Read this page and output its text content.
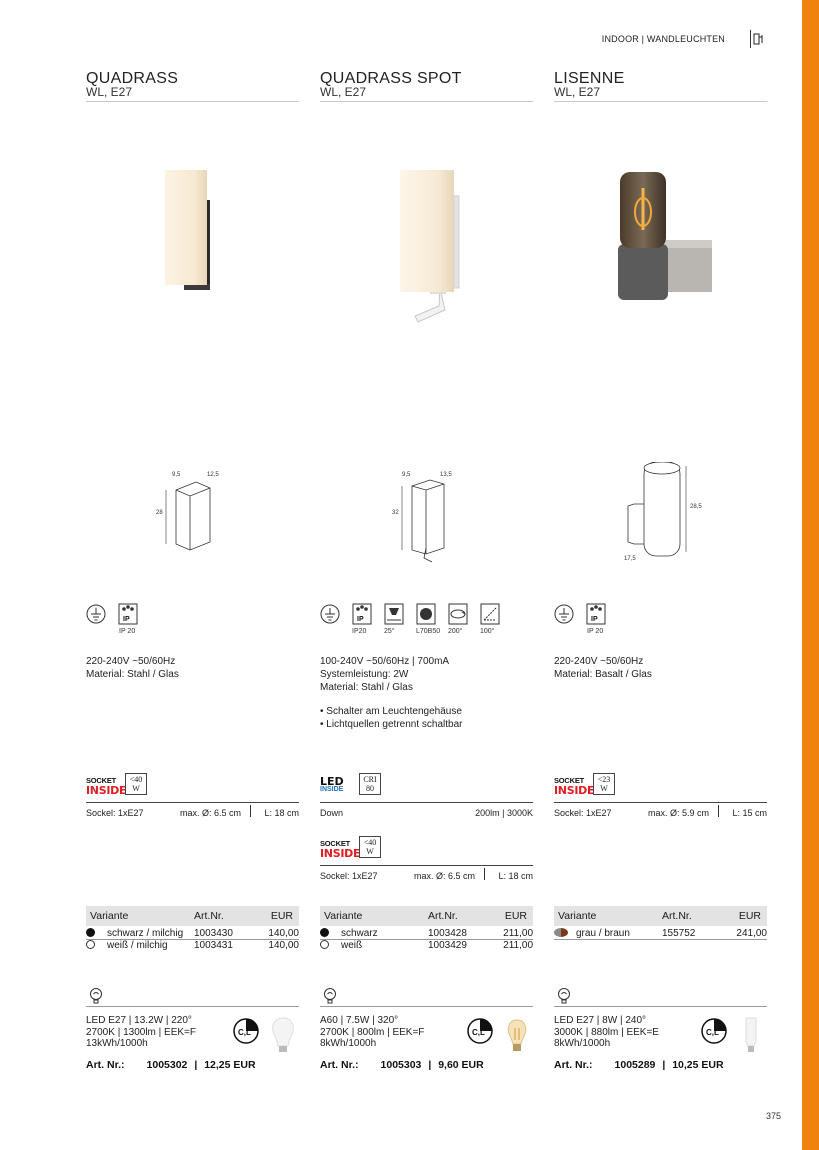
INDOOR | WANDLEUCHTEN
375
QUADRASS
WL, E27
9,5	12,5
28
IP
IP 20
220-240V ~50/60Hz
Material: Stahl / Glas
SOCKET
INSIDE
<40
W
Sockel: 1xE27	max. Ø: 6.5 cm	L: 18 cm
Variante	Art.Nr.	EUR
schwarz / milchig 1003430	140,00
weiß / milchig	1003431	140,00
LED E27 | 13.2W | 220°
2700K | 1300lm | EEK=F
13kWh/1000h
C,L
Art. Nr.: 1005302 | 12,25 EUR
QUADRASS SPOT
WL, E27
9,5	13,5
32
IP
IP20	25°	L70B50 200°	100°
100-240V ~50/60Hz | 700mA
Systemleistung: 2W
Material: Stahl / Glas
• Schalter am Leuchtengehäuse
• Lichtquellen getrennt schaltbar
LED
INSIDE
CRI
80
Down	200lm | 3000K
SOCKET
INSIDE
<40
W
Sockel: 1xE27	max. Ø: 6.5 cm	L: 18 cm
Variante	Art.Nr.	EUR
schwarz	1003428	211,00
weiß	1003429	211,00
A60 | 7.5W | 320°
2700K | 800lm | EEK=F
8kWh/1000h
C,L
Art. Nr.: 1005303 | 9,60 EUR
LISENNE
WL, E27
28,5
17,5
IP
IP 20
220-240V ~50/60Hz
Material: Basalt / Glas
SOCKET
INSIDE
<23
W
Sockel: 1xE27	max. Ø: 5.9 cm	L: 15 cm
Variante	Art.Nr.	EUR
grau / braun	155752	241,00
LED E27 | 8W | 240°
3000K | 880lm | EEK=E
8kWh/1000h
C,L
Art. Nr.: 1005289 | 10,25 EUR
